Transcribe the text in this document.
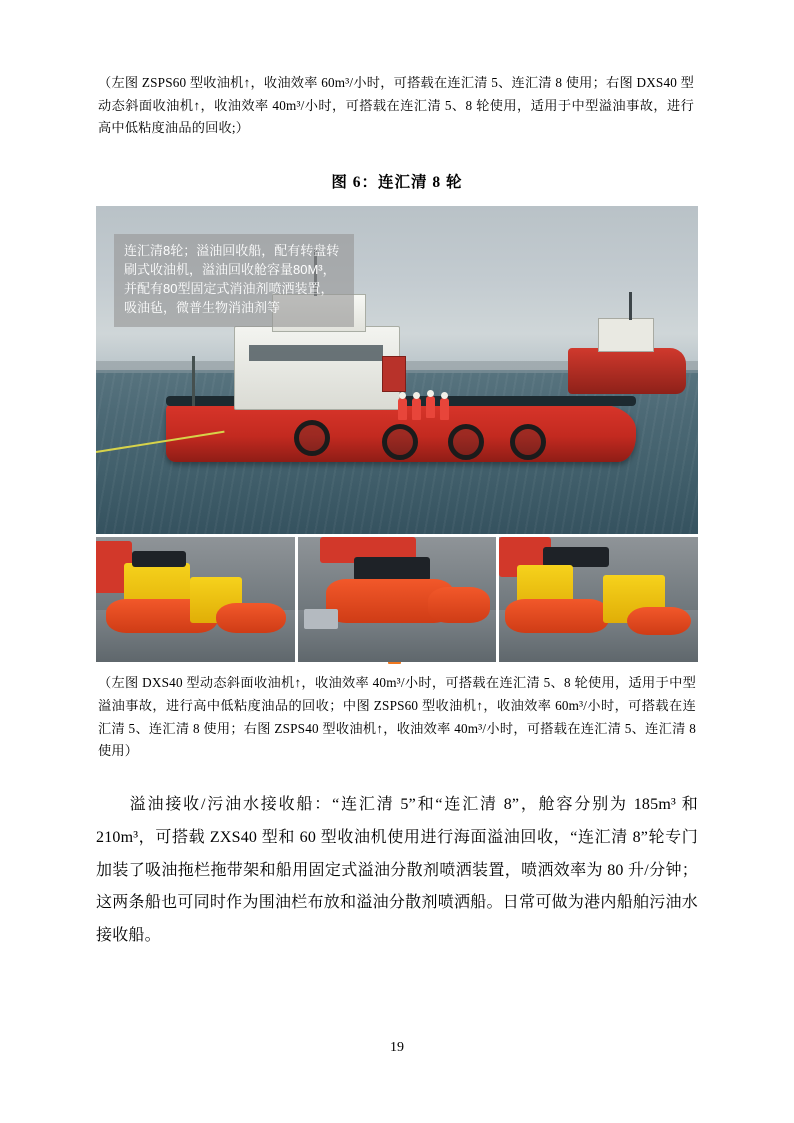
（左图 ZSPS60 型收油机↑，收油效率 60m³/小时，可搭载在连汇清 5、连汇清 8 使用；右图 DXS40 型动态斜面收油机↑，收油效率 40m³/小时，可搭载在连汇清 5、8 轮使用，适用于中型溢油事故，进行高中低粘度油品的回收;）
图 6：连汇清 8 轮
连汇清8轮；溢油回收船，配有转盘转刷式收油机，溢油回收舱容量80M³，并配有80型固定式消油剂喷洒装置，吸油毡，微普生物消油剂等
（左图 DXS40 型动态斜面收油机↑，收油效率 40m³/小时，可搭载在连汇清 5、8 轮使用，适用于中型溢油事故，进行高中低粘度油品的回收；中图 ZSPS60 型收油机↑，收油效率 60m³/小时，可搭载在连汇清 5、连汇清 8 使用；右图 ZSPS40 型收油机↑，收油效率 40m³/小时，可搭载在连汇清 5、连汇清 8 使用）
溢油接收/污油水接收船：“连汇清 5”和“连汇清 8”，舱容分别为 185m³ 和 210m³，可搭载 ZXS40 型和 60 型收油机使用进行海面溢油回收，“连汇清 8”轮专门加装了吸油拖栏拖带架和船用固定式溢油分散剂喷洒装置，喷洒效率为 80 升/分钟；这两条船也可同时作为围油栏布放和溢油分散剂喷洒船。日常可做为港内船舶污油水接收船。
19
